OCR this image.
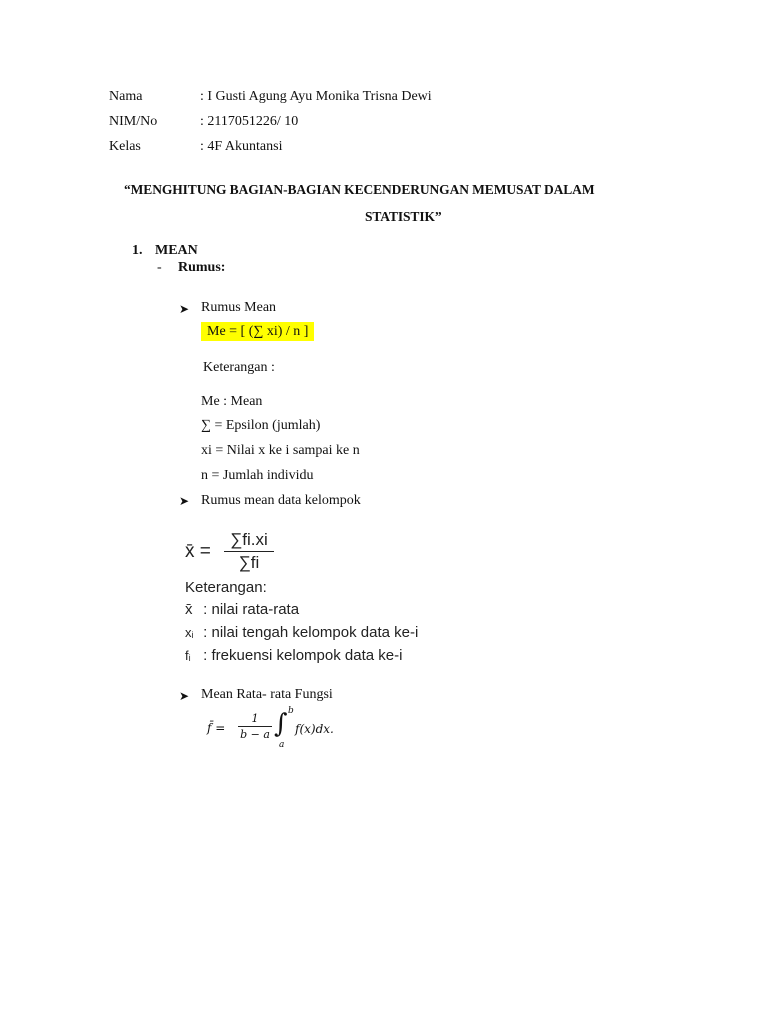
Nama	: I Gusti Agung Ayu Monika Trisna Dewi
NIM/No	: 2117051226/ 10
Kelas	: 4F Akuntansi
“MENGHITUNG BAGIAN-BAGIAN KECENDERUNGAN MEMUSAT DALAM
STATISTIK”
1. MEAN
- Rumus:
➤ Rumus Mean
Me = [ (∑ xi) / n ]
Keterangan :
Me : Mean
∑ = Epsilon (jumlah)
xi = Nilai x ke i sampai ke n
n = Jumlah individu
➤ Rumus mean data kelompok
x̄ =
∑fi.xi
∑fi
Keterangan:
x̄ : nilai rata-rata
xᵢ : nilai tengah kelompok data ke-i
fᵢ : frekuensi kelompok data ke-i
➤ Mean Rata- rata Fungsi
f̄ =
1
b − a ∫ b
a
f(x)dx.
